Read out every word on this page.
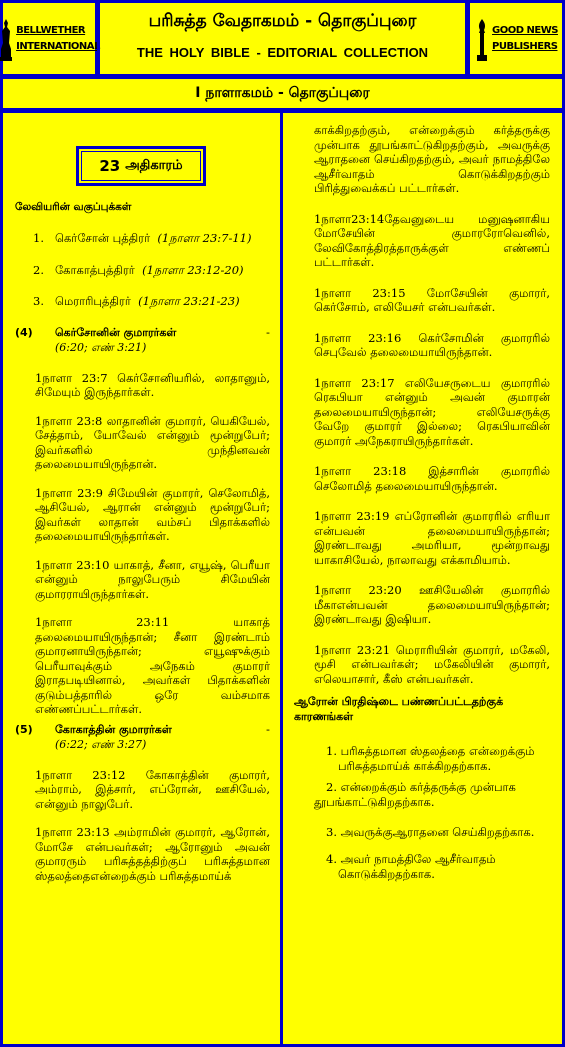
BELLWETHER
INTERNATIONAL
பரிசுத்த வேதாகமம் - தொகுப்புரை
THE HOLY BIBLE - EDITORIAL COLLECTION
GOOD NEWS
PUBLISHERS
I நாளாகமம் - தொகுப்புரை
23 அதிகாரம்
லேவியரின் வகுப்புக்கள்
1. கெர்சோன் புத்திரர்
(1நாளா 23:7-11)
2. கோகாத்புத்திரர்
(1நாளா 23:12-20)
3. மெராரிபுத்திரர்
(1நாளா 23:21-23)
(4)	கெர்சோனின் குமாரர்கள்	-
(6:20; எண் 3:21)

1நாளா 23:7 கெர்சோனியரில், லாதானும், சிமேயும் இருந்தார்கள்.

1நாளா 23:8 லாதானின் குமாரர், யெகியேல், சேத்தாம், யோவேல் என்னும் மூன்றுபேர்; இவர்களில் முந்தினவன் தலைமையாயிருந்தான்.

1நாளா 23:9 சிமேயின் குமாரர், செலோமித், ஆசியேல், ஆரான் என்னும் மூன்றுபேர்; இவர்கள் லாதான் வம்சப் பிதாக்களில் தலைமையாயிருந்தார்கள்.

1நாளா 23:10 யாகாத், சீனா, எயூஷ், பெரீயா என்னும் நாலுபேரும் சிமேயின் குமாரராயிருந்தார்கள்.

1நாளா 23:11 யாகாத் தலைமையாயிருந்தான்; சீனா இரண்டாம் குமாரனாயிருந்தான்; எயூஷுக்கும் பெரீயாவுக்கும் அநேகம் குமாரர் இராதபடியினால், அவர்கள் பிதாக்களின் குடும்பத்தாரில் ஒரே வம்சமாக எண்ணப்பட்டார்கள்.

(5)	கோகாத்தின் குமாரர்கள்	-
(6:22; எண் 3:27)

1நாளா 23:12 கோகாத்தின் குமாரர், அம்ராம், இத்சார், எப்ரோன், ஊசியேல், என்னும் நாலுபேர்.

1நாளா 23:13 அம்ராமின் குமாரர், ஆரோன், மோசே என்பவர்கள்; ஆரோனும் அவன் குமாரரும் பரிசுத்தத்திற்குப் பரிசுத்தமான ஸ்தலத்தைஎன்றைக்கும் பரிசுத்தமாய்க்

காக்கிறதற்கும், என்றைக்கும் கர்த்தருக்கு முன்பாக தூபங்காட்டுகிறதற்கும், அவருக்கு ஆராதனை செய்கிறதற்கும், அவர் நாமத்திலே ஆசீர்வாதம் கொடுக்கிறதற்கும் பிரித்துவைக்கப் பட்டார்கள்.

1நாளா23:14தேவனுடைய மனுஷனாகிய மோசேயின் குமாரரோவெனில், லேவிகோத்திரத்தாருக்குள் எண்ணப் பட்டார்கள்.

1நாளா 23:15 மோசேயின் குமாரர், கெர்சோம், எலியேசர் என்பவர்கள்.

1நாளா 23:16 கெர்சோமின் குமாரரில் செபுவேல் தலைமையாயிருந்தான்.

1நாளா 23:17 எலியேசருடைய குமாரரில் ரெகபியா என்னும் அவன் குமாரன் தலைமையாயிருந்தான்; எலியேசருக்கு வேறே குமாரர் இல்லை; ரெகபியாவின் குமாரர் அநேகராயிருந்தார்கள்.

1நாளா 23:18 இத்சாரின் குமாரரில் செலோமித் தலைமையாயிருந்தான்.

1நாளா 23:19 எப்ரோனின் குமாரரில் எரியா என்பவன் தலைமையாயிருந்தான்; இரண்டாவது அமரியா, மூன்றாவது யாகாசியேல், நாலாவது எக்காமியாம்.

1நாளா 23:20 ஊசியேலின் குமாரரில் மீகாஎன்பவன் தலைமையாயிருந்தான்; இரண்டாவது இஷியா.

1நாளா 23:21 மெராரியின் குமாரர், மகேலி, மூசி என்பவர்கள்; மகேலியின் குமாரர், எலெயாசார், கீஸ் என்பவர்கள்.

ஆரோன் பிரதிஷ்டை பண்ணப்பட்டதற்குக் காரணங்கள்
1. பரிசுத்தமான ஸ்தலத்தை என்றைக்கும்
பரிசுத்தமாய்க் காக்கிறதற்காக.
2. என்றைக்கும் கர்த்தருக்கு முன்பாக
தூபங்காட்டுகிறதற்காக.
3. அவருக்குஆராதனை செய்கிறதற்காக.
4. அவர் நாமத்திலே ஆசீர்வாதம்
கொடுக்கிறதற்காக.
